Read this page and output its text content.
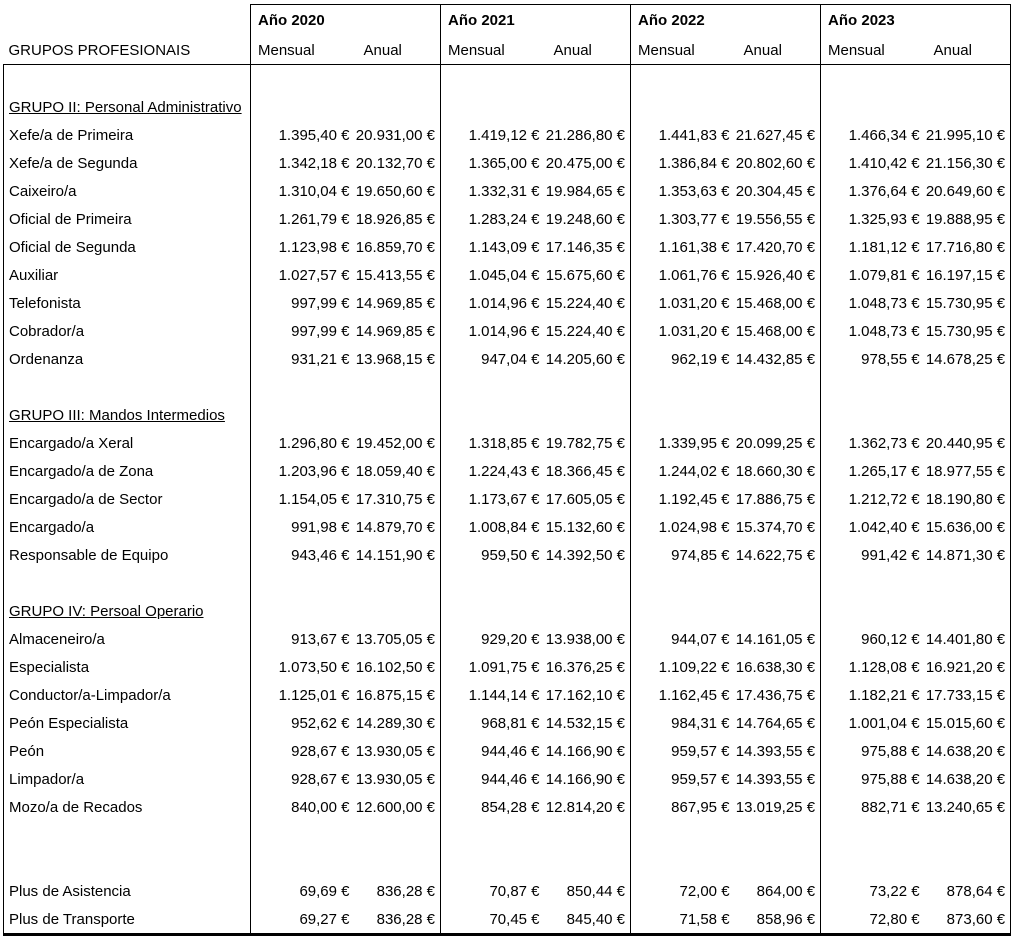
	Año 2020		Año 2021		Año 2022		Año 2023	
GRUPOS PROFESIONAIS	Mensual	Anual	Mensual	Anual	Mensual	Anual	Mensual	Anual

GRUPO II: Personal Administrativo								
Xefe/a de Primeira	1.395,40 €	20.931,00 €	1.419,12 €	21.286,80 €	1.441,83 €	21.627,45 €	1.466,34 €	21.995,10 €
Xefe/a de Segunda	1.342,18 €	20.132,70 €	1.365,00 €	20.475,00 €	1.386,84 €	20.802,60 €	1.410,42 €	21.156,30 €
Caixeiro/a	1.310,04 €	19.650,60 €	1.332,31 €	19.984,65 €	1.353,63 €	20.304,45 €	1.376,64 €	20.649,60 €
Oficial de Primeira	1.261,79 €	18.926,85 €	1.283,24 €	19.248,60 €	1.303,77 €	19.556,55 €	1.325,93 €	19.888,95 €
Oficial de Segunda	1.123,98 €	16.859,70 €	1.143,09 €	17.146,35 €	1.161,38 €	17.420,70 €	1.181,12 €	17.716,80 €
Auxiliar	1.027,57 €	15.413,55 €	1.045,04 €	15.675,60 €	1.061,76 €	15.926,40 €	1.079,81 €	16.197,15 €
Telefonista	997,99 €	14.969,85 €	1.014,96 €	15.224,40 €	1.031,20 €	15.468,00 €	1.048,73 €	15.730,95 €
Cobrador/a	997,99 €	14.969,85 €	1.014,96 €	15.224,40 €	1.031,20 €	15.468,00 €	1.048,73 €	15.730,95 €
Ordenanza	931,21 €	13.968,15 €	947,04 €	14.205,60 €	962,19 €	14.432,85 €	978,55 €	14.678,25 €

GRUPO III: Mandos Intermedios								
Encargado/a Xeral	1.296,80 €	19.452,00 €	1.318,85 €	19.782,75 €	1.339,95 €	20.099,25 €	1.362,73 €	20.440,95 €
Encargado/a de Zona	1.203,96 €	18.059,40 €	1.224,43 €	18.366,45 €	1.244,02 €	18.660,30 €	1.265,17 €	18.977,55 €
Encargado/a de Sector	1.154,05 €	17.310,75 €	1.173,67 €	17.605,05 €	1.192,45 €	17.886,75 €	1.212,72 €	18.190,80 €
Encargado/a	991,98 €	14.879,70 €	1.008,84 €	15.132,60 €	1.024,98 €	15.374,70 €	1.042,40 €	15.636,00 €
Responsable de Equipo	943,46 €	14.151,90 €	959,50 €	14.392,50 €	974,85 €	14.622,75 €	991,42 €	14.871,30 €

GRUPO IV: Persoal Operario								
Almaceneiro/a	913,67 €	13.705,05 €	929,20 €	13.938,00 €	944,07 €	14.161,05 €	960,12 €	14.401,80 €
Especialista	1.073,50 €	16.102,50 €	1.091,75 €	16.376,25 €	1.109,22 €	16.638,30 €	1.128,08 €	16.921,20 €
Conductor/a-Limpador/a	1.125,01 €	16.875,15 €	1.144,14 €	17.162,10 €	1.162,45 €	17.436,75 €	1.182,21 €	17.733,15 €
Peón Especialista	952,62 €	14.289,30 €	968,81 €	14.532,15 €	984,31 €	14.764,65 €	1.001,04 €	15.015,60 €
Peón	928,67 €	13.930,05 €	944,46 €	14.166,90 €	959,57 €	14.393,55 €	975,88 €	14.638,20 €
Limpador/a	928,67 €	13.930,05 €	944,46 €	14.166,90 €	959,57 €	14.393,55 €	975,88 €	14.638,20 €
Mozo/a de Recados	840,00 €	12.600,00 €	854,28 €	12.814,20 €	867,95 €	13.019,25 €	882,71 €	13.240,65 €

Plus de Asistencia	69,69 €	836,28 €	70,87 €	850,44 €	72,00 €	864,00 €	73,22 €	878,64 €
Plus de Transporte	69,27 €	836,28 €	70,45 €	845,40 €	71,58 €	858,96 €	72,80 €	873,60 €
